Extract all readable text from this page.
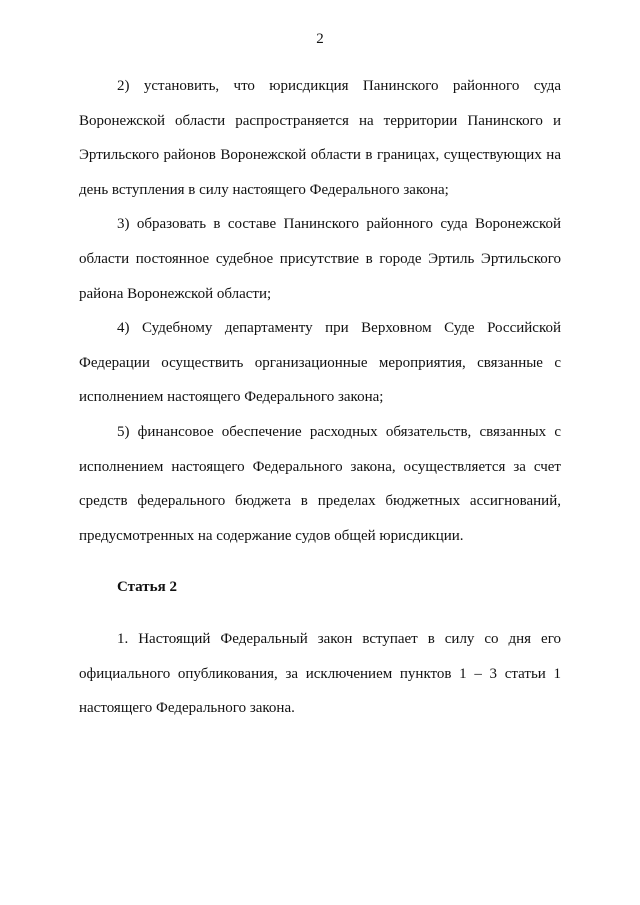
2

2) установить, что юрисдикция Панинского районного суда Воронежской области распространяется на территории Панинского и Эртильского районов Воронежской области в границах, существующих на день вступления в силу настоящего Федерального закона;

3) образовать в составе Панинского районного суда Воронежской области постоянное судебное присутствие в городе Эртиль Эртильского района Воронежской области;

4) Судебному департаменту при Верховном Суде Российской Федерации осуществить организационные мероприятия, связанные с исполнением настоящего Федерального закона;

5) финансовое обеспечение расходных обязательств, связанных с исполнением настоящего Федерального закона, осуществляется за счет средств федерального бюджета в пределах бюджетных ассигнований, предусмотренных на содержание судов общей юрисдикции.

Статья 2

1. Настоящий Федеральный закон вступает в силу со дня его официального опубликования, за исключением пунктов 1 – 3 статьи 1 настоящего Федерального закона.
